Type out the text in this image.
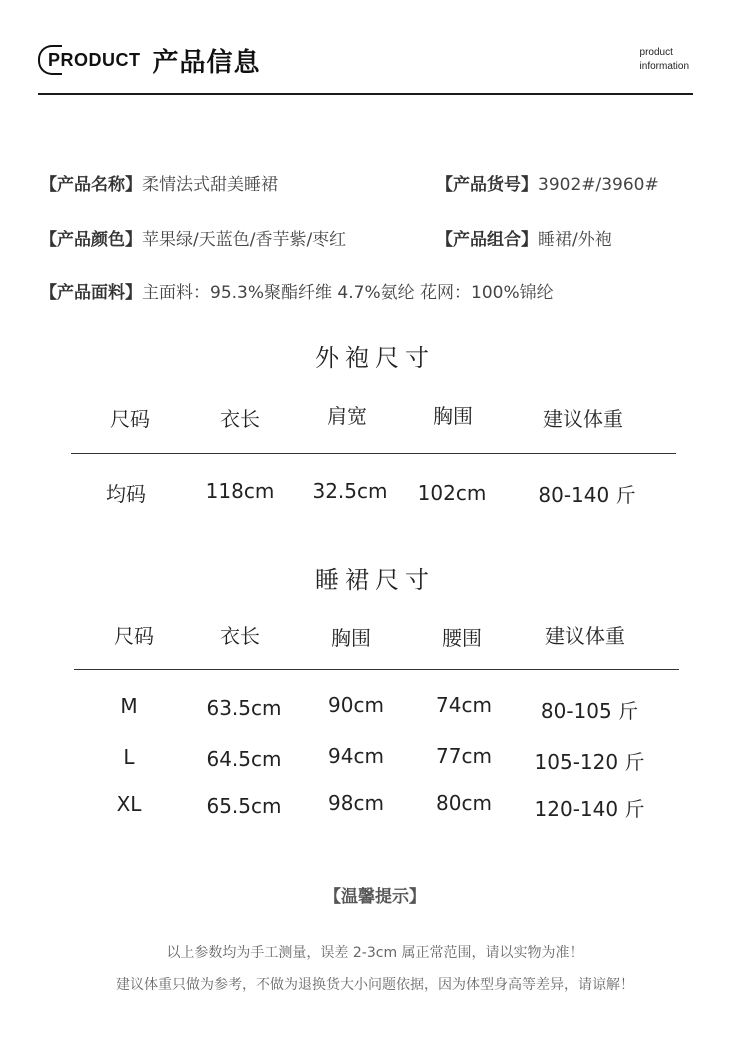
PRODUCT 产品信息	product
information
【产品名称】柔情法式甜美睡裙	【产品货号】3902#/3960#
【产品颜色】苹果绿/天蓝色/香芋紫/枣红	【产品组合】睡裙/外袍
【产品面料】主面料：95.3%聚酯纤维 4.7%氨纶 花网：100%锦纶
外袍尺寸
尺码	衣长	肩宽	胸围	建议体重
均码	118cm	32.5cm	102cm	80-140 斤
睡裙尺寸
尺码	衣长	胸围	腰围	建议体重
M	63.5cm	90cm	74cm	80-105 斤
L	64.5cm	94cm	77cm	105-120 斤
XL	65.5cm	98cm	80cm	120-140 斤
【温馨提示】
以上参数均为手工测量，误差 2-3cm 属正常范围，请以实物为准！
建议体重只做为参考，不做为退换货大小问题依据，因为体型身高等差异，请谅解！
